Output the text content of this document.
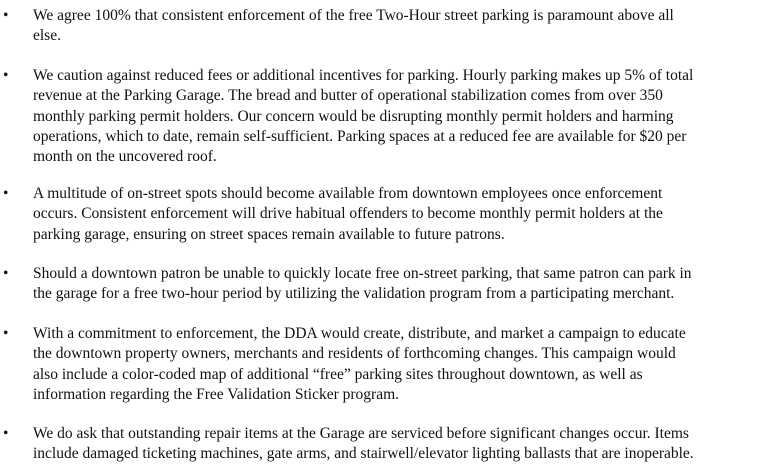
• We agree 100% that consistent enforcement of the free Two-Hour street parking is paramount above all
else.
• We caution against reduced fees or additional incentives for parking. Hourly parking makes up 5% of total
revenue at the Parking Garage. The bread and butter of operational stabilization comes from over 350
monthly parking permit holders. Our concern would be disrupting monthly permit holders and harming
operations, which to date, remain self-sufficient. Parking spaces at a reduced fee are available for $20 per
month on the uncovered roof.
• A multitude of on-street spots should become available from downtown employees once enforcement
occurs. Consistent enforcement will drive habitual offenders to become monthly permit holders at the
parking garage, ensuring on street spaces remain available to future patrons.
• Should a downtown patron be unable to quickly locate free on-street parking, that same patron can park in
the garage for a free two-hour period by utilizing the validation program from a participating merchant.
• With a commitment to enforcement, the DDA would create, distribute, and market a campaign to educate
the downtown property owners, merchants and residents of forthcoming changes. This campaign would
also include a color-coded map of additional “free” parking sites throughout downtown, as well as
information regarding the Free Validation Sticker program.
• We do ask that outstanding repair items at the Garage are serviced before significant changes occur. Items
include damaged ticketing machines, gate arms, and stairwell/elevator lighting ballasts that are inoperable.
